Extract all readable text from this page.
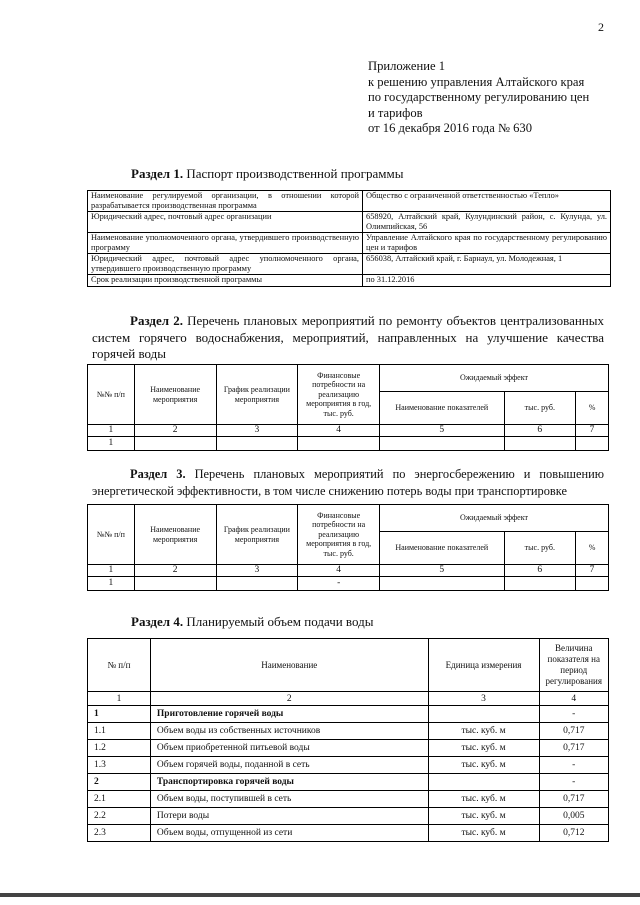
2
Приложение 1
к решению управления Алтайского края
по государственному регулированию цен
и тарифов
от 16 декабря 2016 года № 630
Раздел 1. Паспорт производственной программы
Наименование регулируемой организации, в отношении которой разрабатывается производственная программа	Общество с ограниченной ответственностью «Тепло»
Юридический адрес, почтовый адрес организации	658920, Алтайский край, Кулундинский район, с. Кулунда, ул. Олимпийская, 56
Наименование уполномоченного органа, утвердившего производственную программу	Управление Алтайского края по государственному регулированию цен и тарифов
Юридический адрес, почтовый адрес уполномоченного органа, утвердившего производственную программу	656038, Алтайский край, г. Барнаул, ул. Молодежная, 1
Срок реализации производственной программы	по 31.12.2016
Раздел 2. Перечень плановых мероприятий по ремонту объектов централизованных систем горячего водоснабжения, мероприятий, направленных на улучшение качества горячей воды
№№ п/п	Наименование мероприятия	График реализации мероприятия	Финансовые потребности на реализацию мероприятия в год, тыс. руб.	Ожидаемый эффект		
				Наименование показателей	тыс. руб.	%
1	2	3	4	5	6	7
1						
Раздел 3. Перечень плановых мероприятий по энергосбережению и повышению энергетической эффективности, в том числе снижению потерь воды при транспортировке
№№ п/п	Наименование мероприятия	График реализации мероприятия	Финансовые потребности на реализацию мероприятия в год, тыс. руб.	Ожидаемый эффект		
				Наименование показателей	тыс. руб.	%
1	2	3	4	5	6	7
1			-			
Раздел 4. Планируемый объем подачи воды
№ п/п	Наименование	Единица измерения	Величина показателя на период регулирования
1	2	3	4
1	Приготовление горячей воды		-
1.1	Объем воды из собственных источников	тыс. куб. м	0,717
1.2	Объем приобретенной питьевой воды	тыс. куб. м	0,717
1.3	Объем горячей воды, поданной в сеть	тыс. куб. м	-
2	Транспортировка горячей воды		-
2.1	Объем воды, поступившей в сеть	тыс. куб. м	0,717
2.2	Потери воды	тыс. куб. м	0,005
2.3	Объем воды, отпущенной из сети	тыс. куб. м	0,712
